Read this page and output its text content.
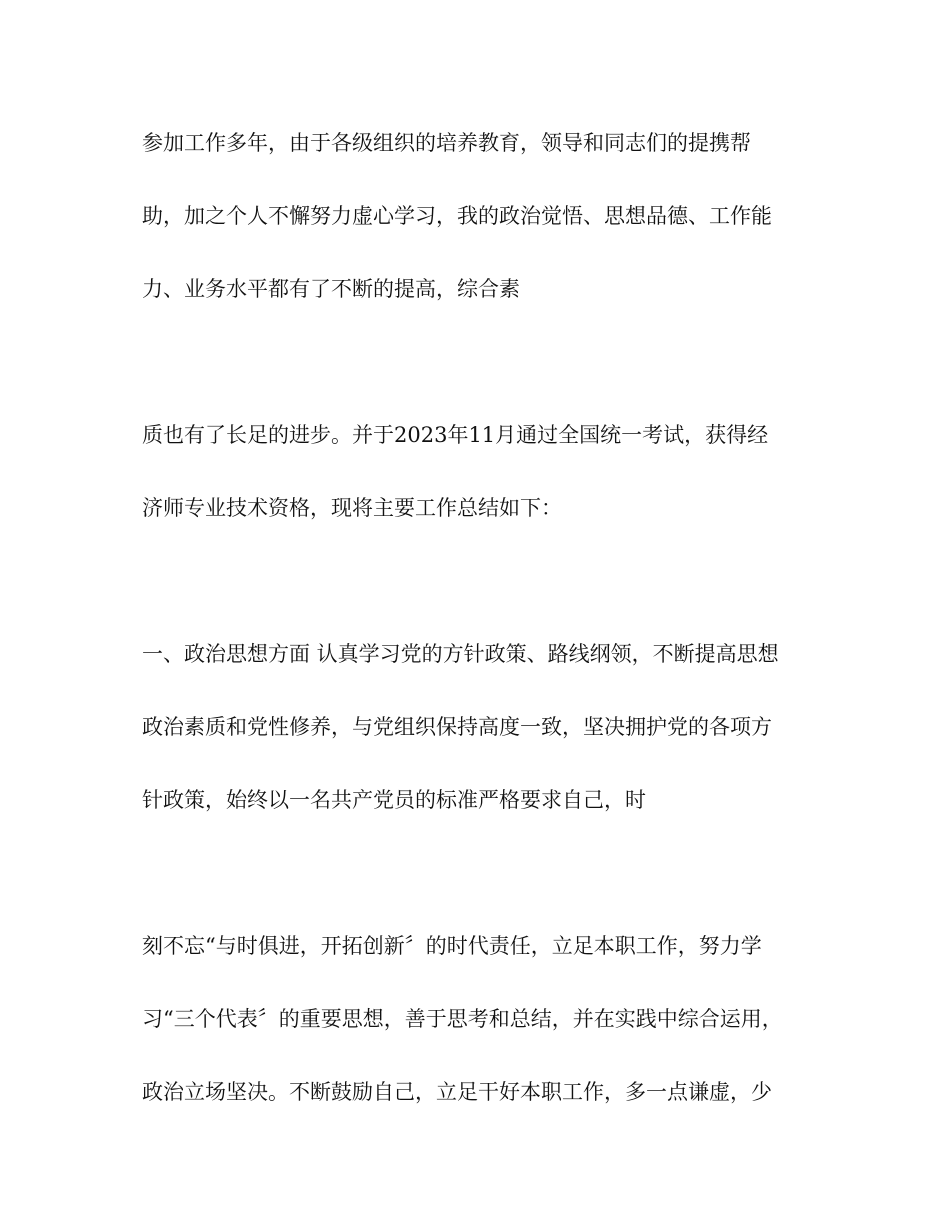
参加工作多年，由于各级组织的培养教育，领导和同志们的提携帮

助，加之个人不懈努力虚心学习，我的政治觉悟、思想品德、工作能

力、业务水平都有了不断的提高，综合素

质也有了长足的进步。并于2023年11月通过全国统一考试，获得经

济师专业技术资格，现将主要工作总结如下：

一、政治思想方面 认真学习党的方针政策、路线纲领，不断提高思想

政治素质和党性修养，与党组织保持高度一致，坚决拥护党的各项方

针政策，始终以一名共产党员的标准严格要求自己，时

刻不忘“与时俱进，开拓创新〞的时代责任，立足本职工作，努力学

习“三个代表〞的重要思想，善于思考和总结，并在实践中综合运用，

政治立场坚决。不断鼓励自己，立足干好本职工作，多一点谦虚，少
